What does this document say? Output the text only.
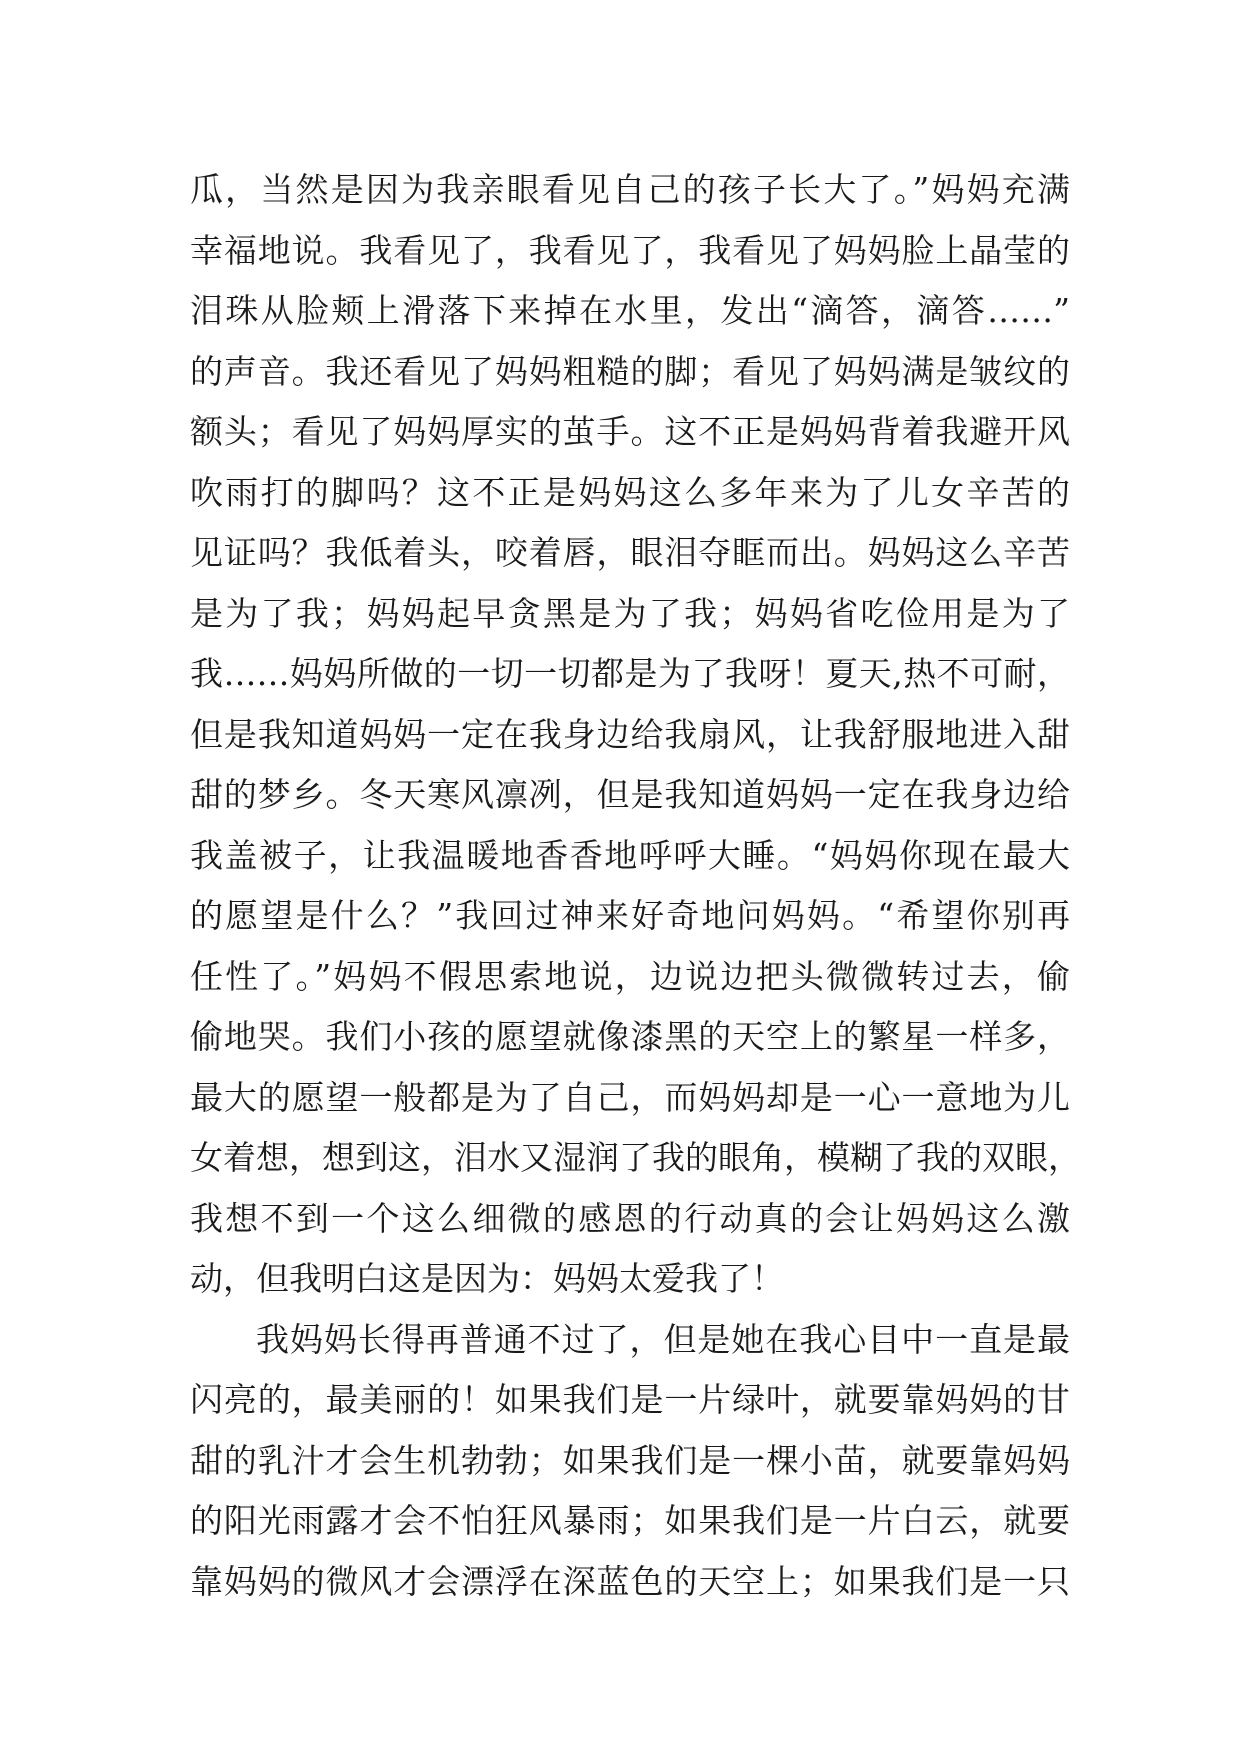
瓜，当然是因为我亲眼看见自己的孩子长大了。”妈妈充满
幸福地说。我看见了，我看见了，我看见了妈妈脸上晶莹的
泪珠从脸颊上滑落下来掉在水里，发出“滴答，滴答……”
的声音。我还看见了妈妈粗糙的脚；看见了妈妈满是皱纹的
额头；看见了妈妈厚实的茧手。这不正是妈妈背着我避开风
吹雨打的脚吗？这不正是妈妈这么多年来为了儿女辛苦的
见证吗？我低着头，咬着唇，眼泪夺眶而出。妈妈这么辛苦
是为了我；妈妈起早贪黑是为了我；妈妈省吃俭用是为了
我……妈妈所做的一切一切都是为了我呀！夏天,热不可耐，
但是我知道妈妈一定在我身边给我扇风，让我舒服地进入甜
甜的梦乡。冬天寒风凛冽，但是我知道妈妈一定在我身边给
我盖被子，让我温暖地香香地呼呼大睡。“妈妈你现在最大
的愿望是什么？”我回过神来好奇地问妈妈。“希望你别再
任性了。”妈妈不假思索地说，边说边把头微微转过去，偷
偷地哭。我们小孩的愿望就像漆黑的天空上的繁星一样多，
最大的愿望一般都是为了自己，而妈妈却是一心一意地为儿
女着想，想到这，泪水又湿润了我的眼角，模糊了我的双眼，
我想不到一个这么细微的感恩的行动真的会让妈妈这么激
动，但我明白这是因为：妈妈太爱我了！
我妈妈长得再普通不过了，但是她在我心目中一直是最
闪亮的，最美丽的！如果我们是一片绿叶，就要靠妈妈的甘
甜的乳汁才会生机勃勃；如果我们是一棵小苗，就要靠妈妈
的阳光雨露才会不怕狂风暴雨；如果我们是一片白云，就要
靠妈妈的微风才会漂浮在深蓝色的天空上；如果我们是一只
